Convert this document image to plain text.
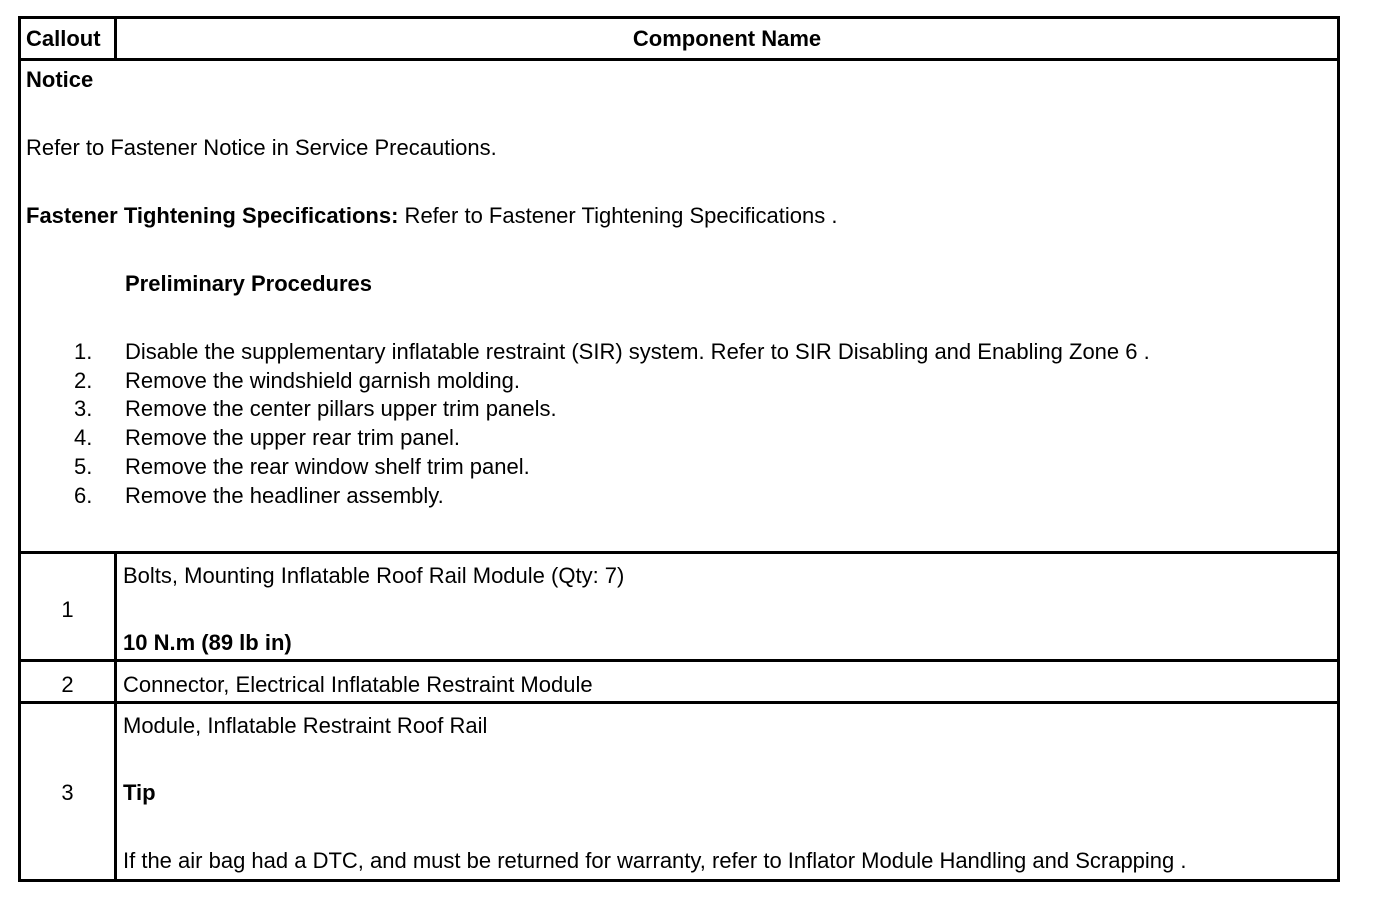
Callout	Component Name
Notice
Refer to Fastener Notice in Service Precautions.
Fastener Tightening Specifications: Refer to Fastener Tightening Specifications .
Preliminary Procedures
1. Disable the supplementary inflatable restraint (SIR) system. Refer to SIR Disabling and Enabling Zone 6 .
2. Remove the windshield garnish molding.
3. Remove the center pillars upper trim panels.
4. Remove the upper rear trim panel.
5. Remove the rear window shelf trim panel.
6. Remove the headliner assembly.
1
Bolts, Mounting Inflatable Roof Rail Module (Qty: 7)
10 N.m (89 lb in)
2	Connector, Electrical Inflatable Restraint Module
3
Module, Inflatable Restraint Roof Rail
Tip
If the air bag had a DTC, and must be returned for warranty, refer to Inflator Module Handling and Scrapping .
